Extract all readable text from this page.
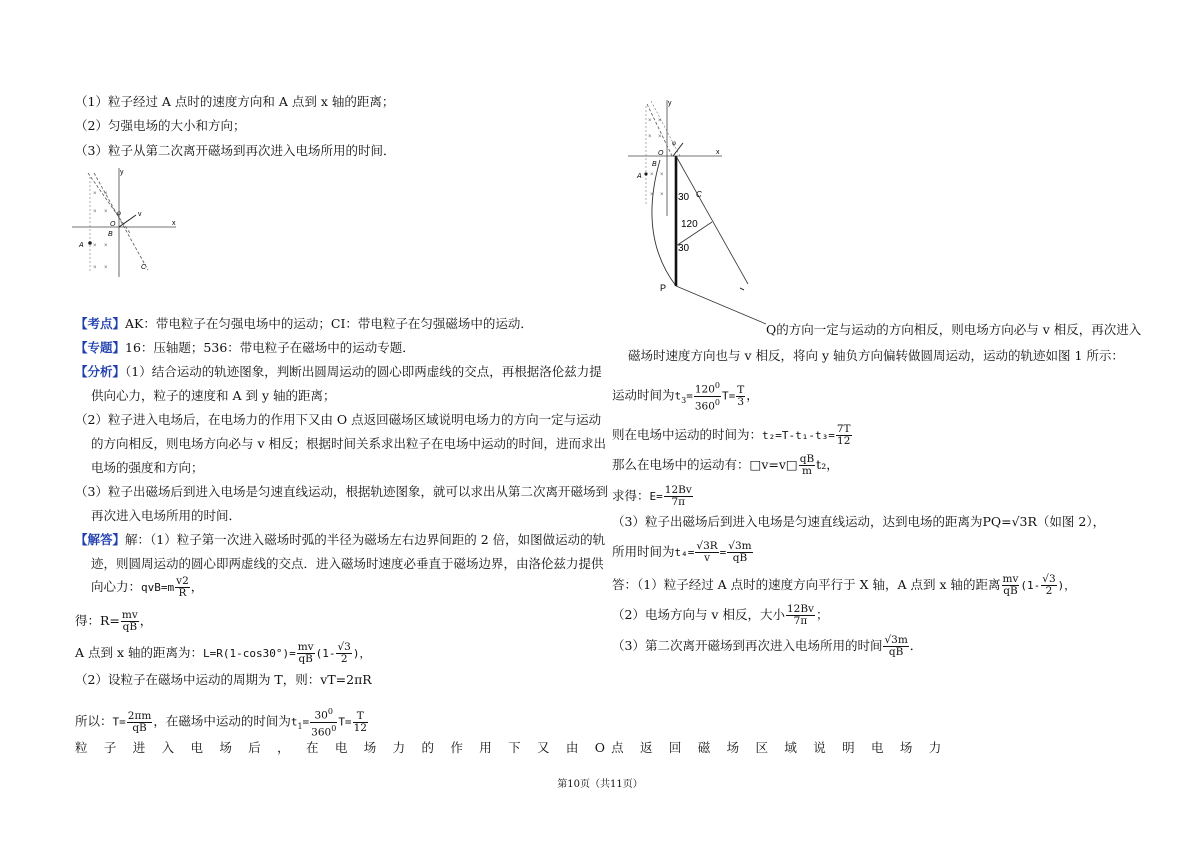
（1）粒子经过 A 点时的速度方向和 A 点到 x 轴的距离；
（2）匀强电场的大小和方向；
（3）粒子从第二次离开磁场到再次进入电场所用的时间．
y
x
v
φ
O
B
A
C
× ×
× ×
× ×
× ×
【考点】AK：带电粒子在匀强电场中的运动；CI：带电粒子在匀强磁场中的运动．
【专题】16：压轴题；536：带电粒子在磁场中的运动专题．
【分析】（1）结合运动的轨迹图象，判断出圆周运动的圆心即两虚线的交点，再根据洛伦兹力提
供向心力，粒子的速度和 A 到 y 轴的距离；
（2）粒子进入电场后，在电场力的作用下又由 O 点返回磁场区域说明电场力的方向一定与运动
的方向相反，则电场方向必与 v 相反；根据时间关系求出粒子在电场中运动的时间，进而求出
电场的强度和方向；
（3）粒子出磁场后到进入电场是匀速直线运动，根据轨迹图象，就可以求出从第二次离开磁场到
再次进入电场所用的时间．
【解答】解：（1）粒子第一次进入磁场时弧的半径为磁场左右边界间距的 2 倍，如图做运动的轨
迹，则圆周运动的圆心即两虚线的交点．进入磁场时速度必垂直于磁场边界，由洛伦兹力提供
向心力：$qvB=m \frac{v2}{R}$ ，
得：$R= \frac{mv}{qB}$ ，
A 点到 x 轴的距离为：$L=R(1-\cos 30^\circ)= \frac{mv}{qB} (1- \frac{√3}{2}$ )，
（2）设粒子在磁场中运动的周期为 T，则：vT=2πR
所以：$T= \frac{2\pi m}{qB}$ ，在磁场中运动的时间为$t_1= \frac{30^0}{360^0} T= \frac{T}{12}$
粒 子 进 入 电 场 后 ， 在 电 场 力 的 作 用 下 又 由 O点 返 回 磁 场 区 域 说 明 电 场 力
y
x
φ
O
B
A
30 C
120
30
P
× ×
× ×
× ×
× ×
Q的方向一定与运动的方向相反，则电场方向必与 v 相反，再次进入
磁场时速度方向也与 v 相反，将向 y 轴负方向偏转做圆周运动，运动的轨迹如图 1 所示：
运动时间为$t_3= \frac{120^0}{360^0} T= \frac{T}{3}$ ，
则在电场中运动的时间为：$t_2=T-t_1-t_3= \frac{7T}{12}$
那么在电场中的运动有：□v=v□ $\frac{qB}{m} t_2$，
求得：$E= \frac{12Bv}{7\pi}$
（3）粒子出磁场后到进入电场是匀速直线运动，达到电场的距离为PQ=√3R（如图 2），
所用时间为$t_4= \frac{√3R}{v} = \frac{√3m}{qB}$
答：（1）粒子经过 A 点时的速度方向平行于 X 轴，A 点到 x 轴的距离 $\frac{mv}{qB} (1- \frac{√3}{2}$ )，
（2）电场方向与 v 相反，大小 $\frac{12Bv}{7\pi}$ ；
（3）第二次离开磁场到再次进入电场所用的时间 $\frac{√3m}{qB}$ ．
第10页（共11页）
